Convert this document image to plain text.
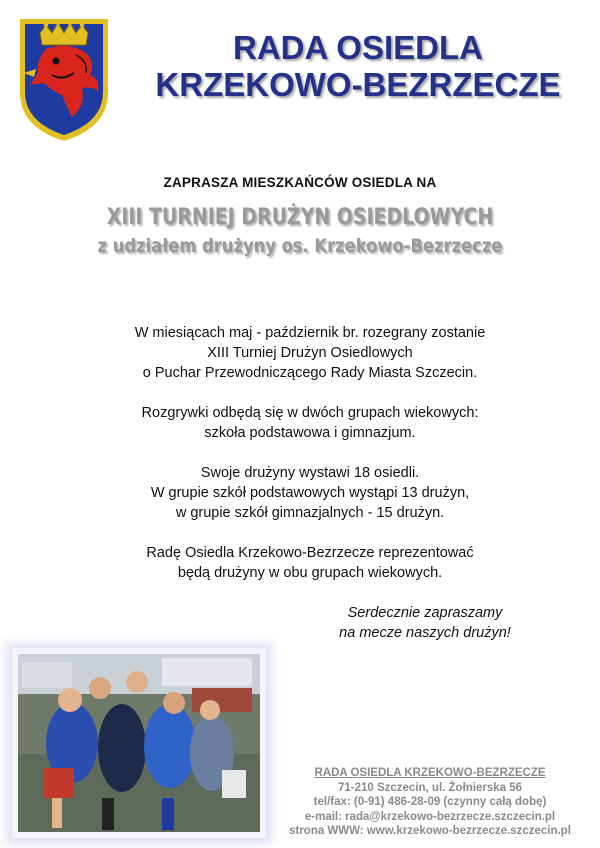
RADA OSIEDLA
KRZEKOWO-BEZRZECZE
ZAPRASZA MIESZKAŃCÓW OSIEDLA NA
XIII TURNIEJ DRUŻYN OSIEDLOWYCH
z udziałem drużyny os. Krzekowo-Bezrzecze

W miesiącach maj - październik br. rozegrany zostanie
XIII Turniej Drużyn Osiedlowych
o Puchar Przewodniczącego Rady Miasta Szczecin.

Rozgrywki odbędą się w dwóch grupach wiekowych:
szkoła podstawowa i gimnazjum.

Swoje drużyny wystawi 18 osiedli.
W grupie szkół podstawowych wystąpi 13 drużyn,
w grupie szkół gimnazjalnych - 15 drużyn.

Radę Osiedla Krzekowo-Bezrzecze reprezentować
będą drużyny w obu grupach wiekowych.

Serdecznie zapraszamy
na mecze naszych drużyn!
RADA OSIEDLA KRZEKOWO-BEZRZECZE
71-210 Szczecin, ul. Żołnierska 56
tel/fax: (0-91) 486-28-09 (czynny całą dobę)
e-mail: rada@krzekowo-bezrzecze.szczecin.pl
strona WWW: www.krzekowo-bezrzecze.szczecin.pl
